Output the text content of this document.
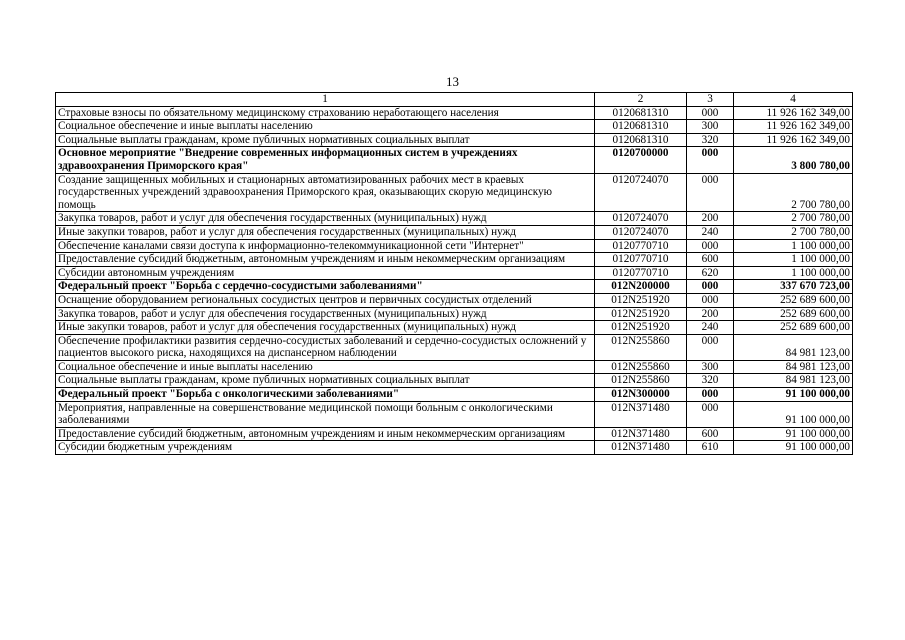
13
1	2	3	4
Страховые взносы по обязательному медицинскому страхованию неработающего населения	0120681310	000	11 926 162 349,00
Социальное обеспечение и иные выплаты населению	0120681310	300	11 926 162 349,00
Социальные выплаты гражданам, кроме публичных нормативных социальных выплат	0120681310	320	11 926 162 349,00
Основное мероприятие "Внедрение современных информационных систем в учреждениях здравоохранения Приморского края"	0120700000	000	3 800 780,00
Создание защищенных мобильных и стационарных автоматизированных рабочих мест в краевых государственных учреждений здравоохранения Приморского края, оказывающих скорую медицинскую помощь	0120724070	000	2 700 780,00
Закупка товаров, работ и услуг для обеспечения государственных (муниципальных) нужд	0120724070	200	2 700 780,00
Иные закупки товаров, работ и услуг для обеспечения государственных (муниципальных) нужд	0120724070	240	2 700 780,00
Обеспечение каналами связи доступа к информационно-телекоммуникационной сети "Интернет"	0120770710	000	1 100 000,00
Предоставление субсидий бюджетным, автономным учреждениям и иным некоммерческим организациям	0120770710	600	1 100 000,00
Субсидии автономным учреждениям	0120770710	620	1 100 000,00
Федеральный проект "Борьба с сердечно-сосудистыми заболеваниями"	012N200000	000	337 670 723,00
Оснащение оборудованием региональных сосудистых центров и первичных сосудистых отделений	012N251920	000	252 689 600,00
Закупка товаров, работ и услуг для обеспечения государственных (муниципальных) нужд	012N251920	200	252 689 600,00
Иные закупки товаров, работ и услуг для обеспечения государственных (муниципальных) нужд	012N251920	240	252 689 600,00
Обеспечение профилактики развития сердечно-сосудистых заболеваний и сердечно-сосудистых осложнений у пациентов высокого риска, находящихся на диспансерном наблюдении	012N255860	000	84 981 123,00
Социальное обеспечение и иные выплаты населению	012N255860	300	84 981 123,00
Социальные выплаты гражданам, кроме публичных нормативных социальных выплат	012N255860	320	84 981 123,00
Федеральный проект "Борьба с онкологическими заболеваниями"	012N300000	000	91 100 000,00
Мероприятия, направленные на совершенствование медицинской помощи больным с онкологическими заболеваниями	012N371480	000	91 100 000,00
Предоставление субсидий бюджетным, автономным учреждениям и иным некоммерческим организациям	012N371480	600	91 100 000,00
Субсидии бюджетным учреждениям	012N371480	610	91 100 000,00
